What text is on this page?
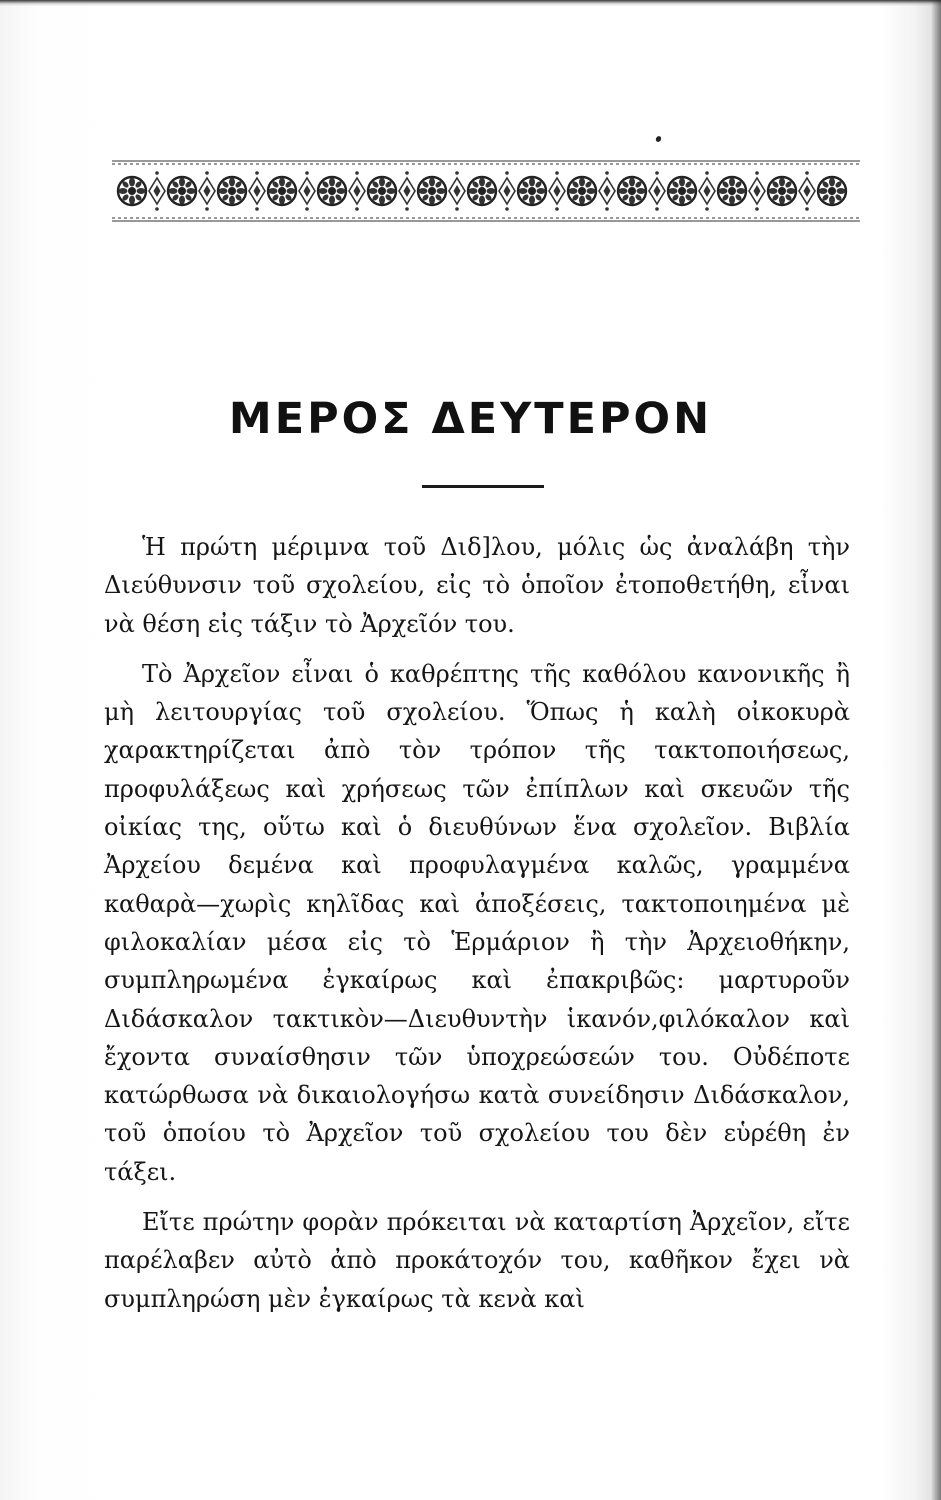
ΜΕΡΟΣ ΔΕΥΤΕΡΟΝ

Ἡ πρώτη μέριμνα τοῦ Διδ]λου, μόλις ὡς ἀναλάβη τὴν Διεύθυνσιν τοῦ σχολείου, εἰς τὸ ὁποῖον ἐτοποθετήθη, εἶναι νὰ θέση εἰς τάξιν τὸ Ἀρχεῖόν του.

Τὸ Ἀρχεῖον εἶναι ὁ καθρέπτης τῆς καθόλου κανονικῆς ἢ μὴ λειτουργίας τοῦ σχολείου. Ὅπως ἡ καλὴ οἰκοκυρὰ χαρακτηρίζεται ἀπὸ τὸν τρόπον τῆς τακτοποιήσεως, προφυλάξεως καὶ χρήσεως τῶν ἐπίπλων καὶ σκευῶν τῆς οἰκίας της, οὕτω καὶ ὁ διευθύνων ἕνα σχολεῖον. Βιβλία Ἀρχείου δεμένα καὶ προφυλαγμένα καλῶς, γραμμένα καθαρὰ—χωρὶς κηλῖδας καὶ ἀποξέσεις, τακτοποιημένα μὲ φιλοκαλίαν μέσα εἰς τὸ Ἑρμάριον ἢ τὴν Ἀρχειοθήκην, συμπληρωμένα ἐγκαίρως καὶ ἐπακριβῶς: μαρτυροῦν Διδάσκαλον τακτικὸν—Διευθυντὴν ἱκανόν,φιλόκαλον καὶ ἔχοντα συναίσθησιν τῶν ὑποχρεώσεών του. Οὐδέποτε κατώρθωσα νὰ δικαιολογήσω κατὰ συνείδησιν Διδάσκαλον, τοῦ ὁποίου τὸ Ἀρχεῖον τοῦ σχολείου του δὲν εὑρέθη ἐν τάξει.

Εἴτε πρώτην φορὰν πρόκειται νὰ καταρτίση Ἀρχεῖον, εἴτε παρέλαβεν αὐτὸ ἀπὸ προκάτοχόν του, καθῆκον ἔχει νὰ συμπληρώση μὲν ἐγκαίρως τὰ κενὰ καὶ
